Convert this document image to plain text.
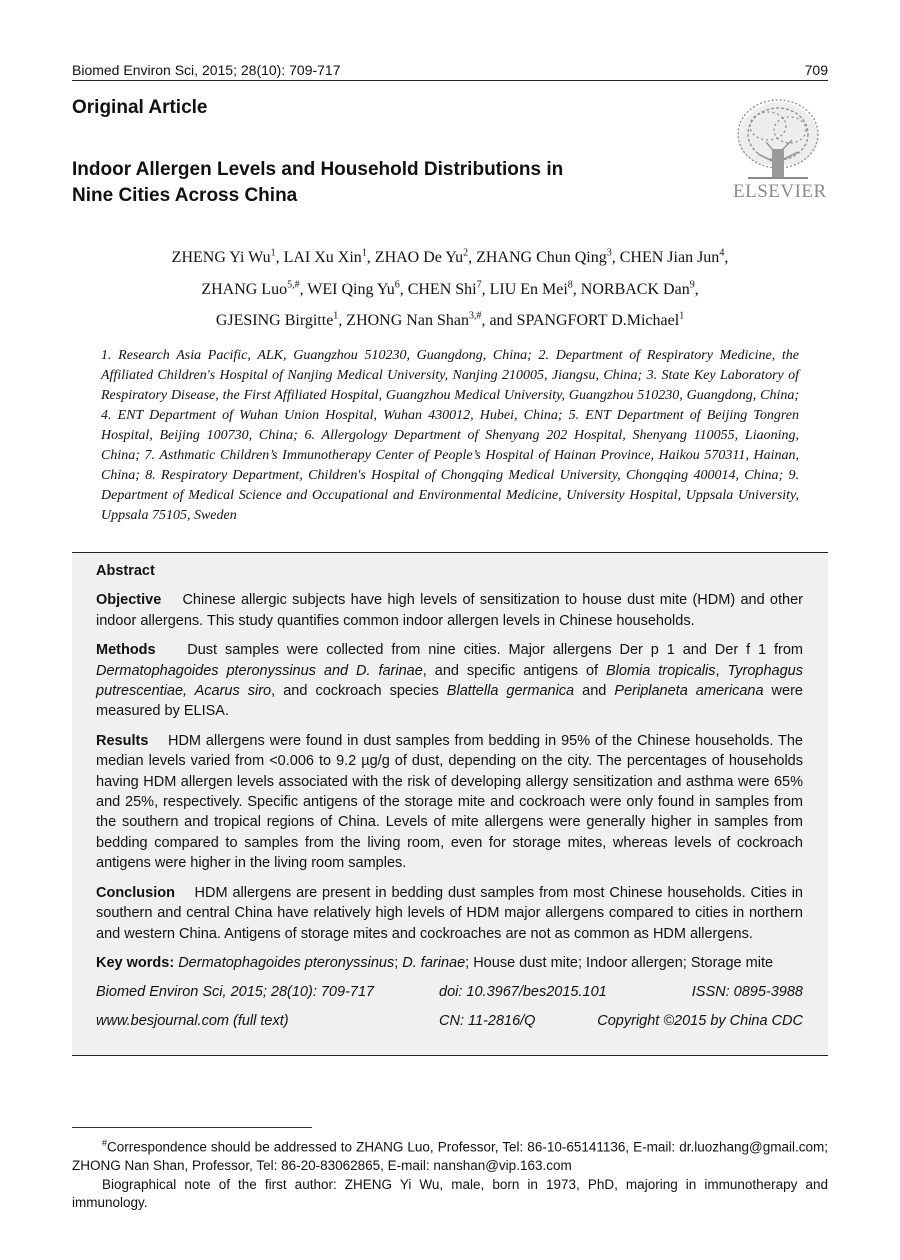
Biomed Environ Sci, 2015; 28(10): 709-717	709
Original Article
Indoor Allergen Levels and Household Distributions in
Nine Cities Across China	ELSEVIER
ZHENG Yi Wu$^1$, LAI Xu Xin$^1$, ZHAO De Yu$^2$, ZHANG Chun Qing$^3$, CHEN Jian Jun$^4$,
ZHANG Luo$^{5,\#}$, WEI Qing Yu$^6$, CHEN Shi$^7$, LIU En Mei$^8$, NORBACK Dan$^9$,
GJESING Birgitte$^1$, ZHONG Nan Shan$^{3,\#}$, and SPANGFORT D.Michael$^1$
1. Research Asia Pacific, ALK, Guangzhou 510230, Guangdong, China; 2. Department of Respiratory Medicine, the Affiliated Children's Hospital of Nanjing Medical University, Nanjing 210005, Jiangsu, China; 3. State Key Laboratory of Respiratory Disease, the First Affiliated Hospital, Guangzhou Medical University, Guangzhou 510230, Guangdong, China; 4. ENT Department of Wuhan Union Hospital, Wuhan 430012, Hubei, China; 5. ENT Department of Beijing Tongren Hospital, Beijing 100730, China; 6. Allergology Department of Shenyang 202 Hospital, Shenyang 110055, Liaoning, China; 7. Asthmatic Children’s Immunotherapy Center of People’s Hospital of Hainan Province, Haikou 570311, Hainan, China; 8. Respiratory Department, Children's Hospital of Chongqing Medical University, Chongqing 400014, China; 9. Department of Medical Science and Occupational and Environmental Medicine, University Hospital, Uppsala University, Uppsala 75105, Sweden

Abstract

Objective Chinese allergic subjects have high levels of sensitization to house dust mite (HDM) and other indoor allergens. This study quantifies common indoor allergen levels in Chinese households.

Methods Dust samples were collected from nine cities. Major allergens Der p 1 and Der f 1 from Dermatophagoides pteronyssinus and D. farinae, and specific antigens of Blomia tropicalis, Tyrophagus putrescentiae, Acarus siro, and cockroach species Blattella germanica and Periplaneta americana were measured by ELISA.

Results HDM allergens were found in dust samples from bedding in 95% of the Chinese households. The median levels varied from <0.006 to 9.2 µg/g of dust, depending on the city. The percentages of households having HDM allergen levels associated with the risk of developing allergy sensitization and asthma were 65% and 25%, respectively. Specific antigens of the storage mite and cockroach were only found in samples from the southern and tropical regions of China. Levels of mite allergens were generally higher in samples from bedding compared to samples from the living room, even for storage mites, whereas levels of cockroach antigens were higher in the living room samples.

Conclusion HDM allergens are present in bedding dust samples from most Chinese households. Cities in southern and central China have relatively high levels of HDM major allergens compared to cities in northern and western China. Antigens of storage mites and cockroaches are not as common as HDM allergens.

Key words: Dermatophagoides pteronyssinus; D. farinae; House dust mite; Indoor allergen; Storage mite

Biomed Environ Sci, 2015; 28(10): 709-717	doi: 10.3967/bes2015.101	ISSN: 0895-3988
www.besjournal.com (full text)	CN: 11-2816/Q	Copyright ©2015 by China CDC

#Correspondence should be addressed to ZHANG Luo, Professor, Tel: 86-10-65141136, E-mail: dr.luozhang@gmail.com; ZHONG Nan Shan, Professor, Tel: 86-20-83062865, E-mail: nanshan@vip.163.com

Biographical note of the first author: ZHENG Yi Wu, male, born in 1973, PhD, majoring in immunotherapy and immunology.
